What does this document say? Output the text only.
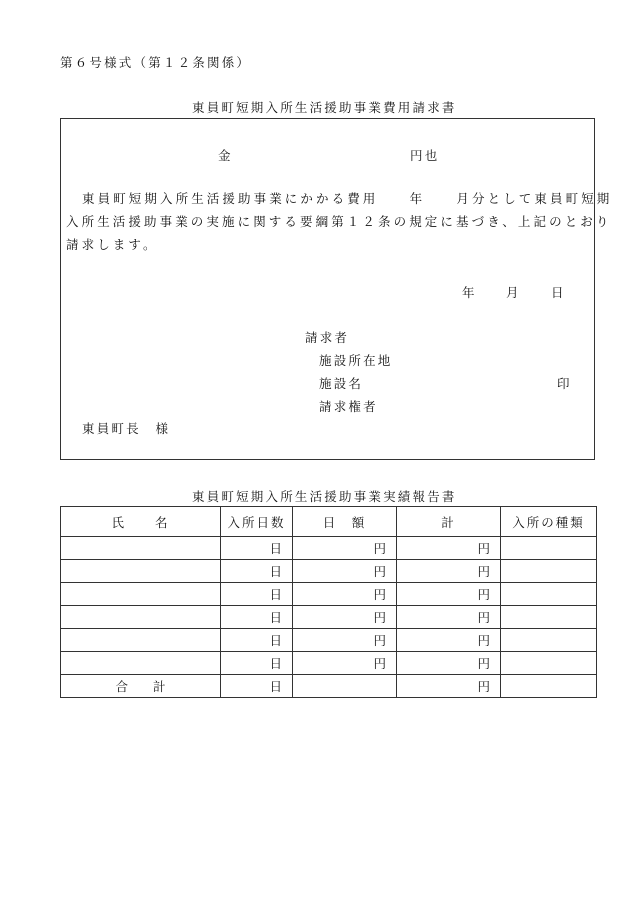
第６号様式（第１２条関係）
東員町短期入所生活援助事業費用請求書
金	円也
東員町短期入所生活援助事業にかかる費用　　年　　月分として東員町短期
入所生活援助事業の実施に関する要綱第１２条の規定に基づき、上記のとおり
請求します。
年 月 日
請求者
施設所在地
施設名	印
請求権者
東員町長　様
東員町短期入所生活援助事業実績報告書
氏　　名	入所日数	日　額	計	入所の種類
	日	円	円	
	日	円	円	
	日	円	円	
	日	円	円	
	日	円	円	
	日	円	円	
合　　計	日		円	
